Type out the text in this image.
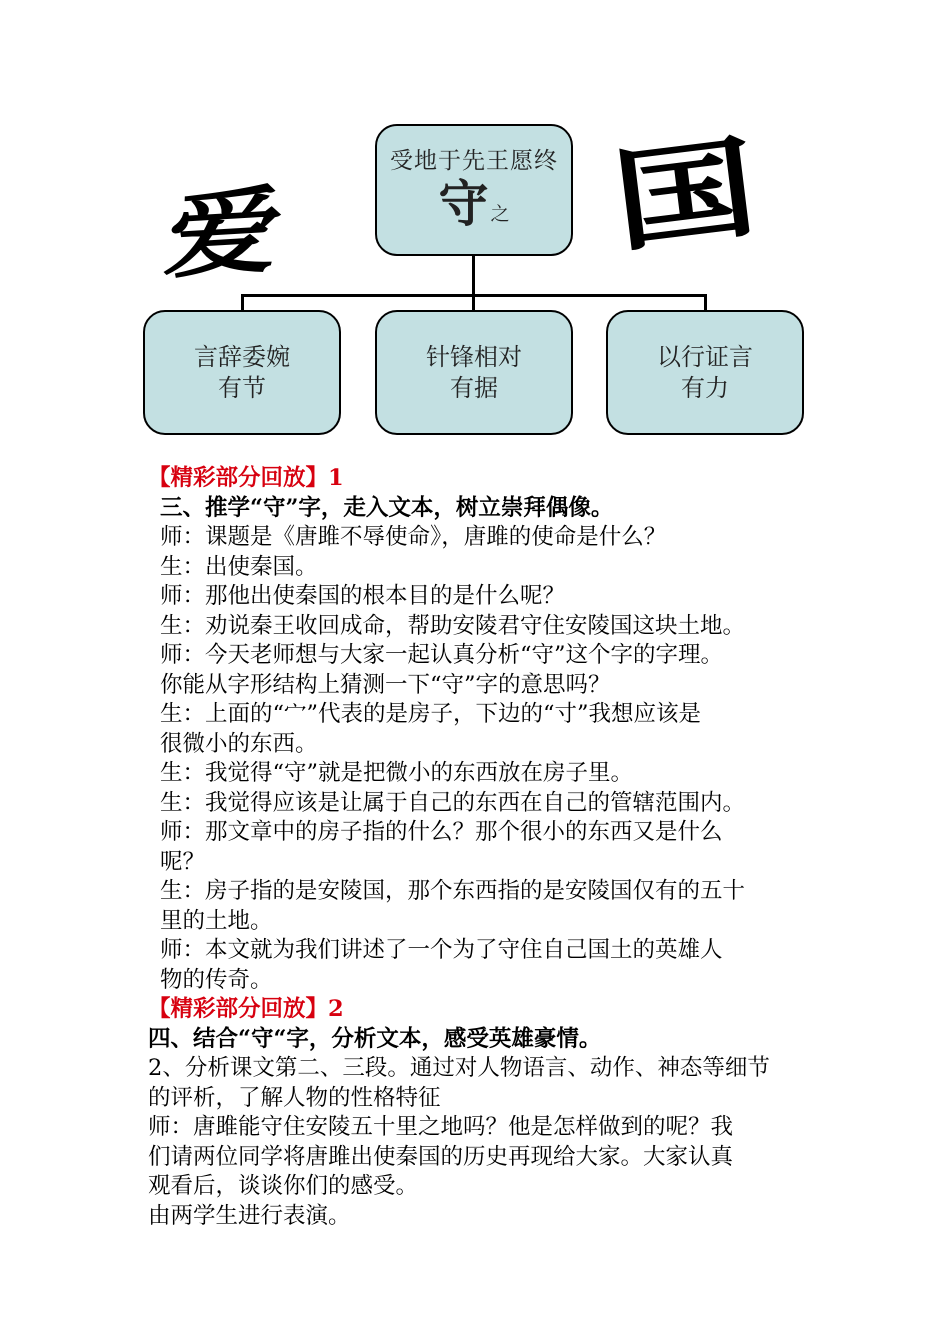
爱	国
受地于先王愿终
守 之
言辞委婉
有节
针锋相对
有据
以行证言
有力
【精彩部分回放】1
三、推学“守”字，走入文本，树立崇拜偶像。
师：课题是《唐雎不辱使命》，唐雎的使命是什么？
生：出使秦国。
师：那他出使秦国的根本目的是什么呢？
生：劝说秦王收回成命，帮助安陵君守住安陵国这块土地。
师：今天老师想与大家一起认真分析“守”这个字的字理。
你能从字形结构上猜测一下“守”字的意思吗？
生：上面的“宀”代表的是房子，下边的“寸”我想应该是
很微小的东西。
生：我觉得“守”就是把微小的东西放在房子里。
生：我觉得应该是让属于自己的东西在自己的管辖范围内。
师：那文章中的房子指的什么？那个很小的东西又是什么
呢？
生：房子指的是安陵国，那个东西指的是安陵国仅有的五十
里的土地。
师：本文就为我们讲述了一个为了守住自己国土的英雄人
物的传奇。
【精彩部分回放】2
四、结合“守“字，分析文本，感受英雄豪情。
2、分析课文第二、三段。通过对人物语言、动作、神态等细节
的评析，了解人物的性格特征
师：唐雎能守住安陵五十里之地吗？他是怎样做到的呢？我
们请两位同学将唐雎出使秦国的历史再现给大家。大家认真
观看后，谈谈你们的感受。
由两学生进行表演。
